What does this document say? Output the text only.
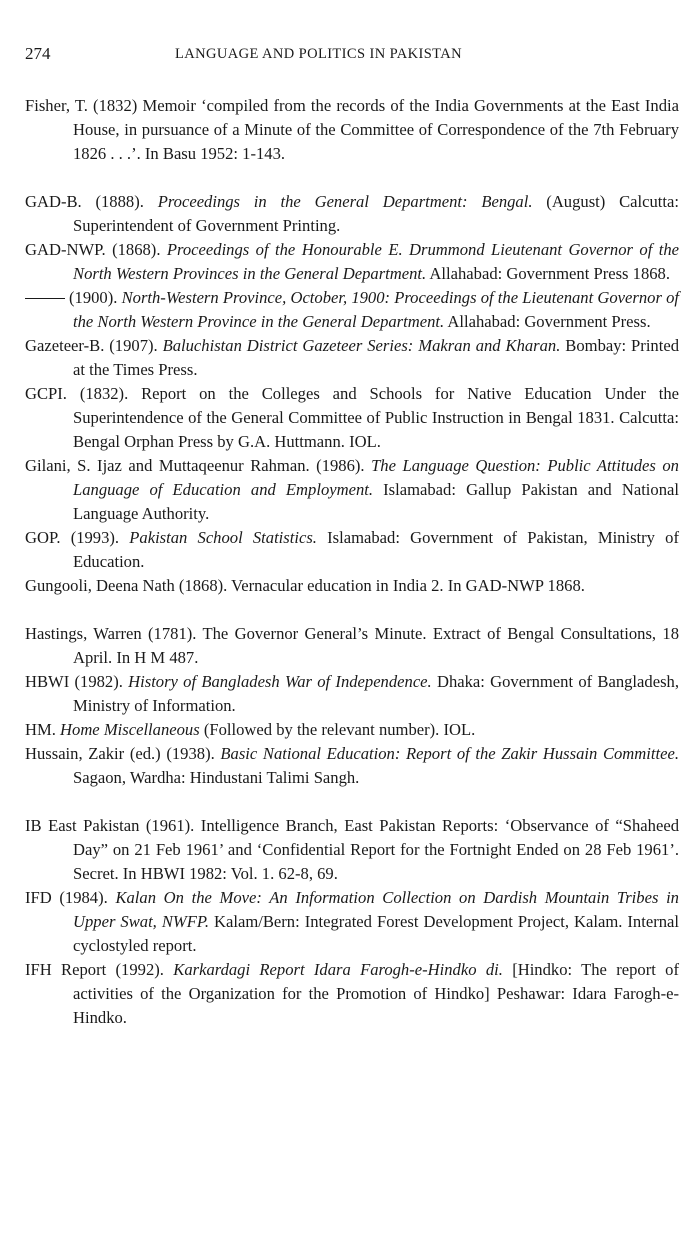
274	LANGUAGE AND POLITICS IN PAKISTAN

Fisher, T. (1832) Memoir ‘compiled from the records of the India Governments at the East India House, in pursuance of a Minute of the Committee of Correspondence of the 7th February 1826 . . .’. In Basu 1952: 1-143.

GAD-B. (1888). Proceedings in the General Department: Bengal. (August) Calcutta: Superintendent of Government Printing.

GAD-NWP. (1868). Proceedings of the Honourable E. Drummond Lieutenant Governor of the North Western Provinces in the General Department. Allahabad: Government Press 1868.

(1900). North-Western Province, October, 1900: Proceedings of the Lieutenant Governor of the North Western Province in the General Department. Allahabad: Government Press.

Gazeteer-B. (1907). Baluchistan District Gazeteer Series: Makran and Kharan. Bombay: Printed at the Times Press.

GCPI. (1832). Report on the Colleges and Schools for Native Education Under the Superintendence of the General Committee of Public Instruction in Bengal 1831. Calcutta: Bengal Orphan Press by G.A. Huttmann. IOL.

Gilani, S. Ijaz and Muttaqeenur Rahman. (1986). The Language Question: Public Attitudes on Language of Education and Employment. Islamabad: Gallup Pakistan and National Language Authority.

GOP. (1993). Pakistan School Statistics. Islamabad: Government of Pakistan, Ministry of Education.

Gungooli, Deena Nath (1868). Vernacular education in India 2. In GAD-NWP 1868.

Hastings, Warren (1781). The Governor General’s Minute. Extract of Bengal Consultations, 18 April. In H M 487.

HBWI (1982). History of Bangladesh War of Independence. Dhaka: Government of Bangladesh, Ministry of Information.

HM. Home Miscellaneous (Followed by the relevant number). IOL.

Hussain, Zakir (ed.) (1938). Basic National Education: Report of the Zakir Hussain Committee. Sagaon, Wardha: Hindustani Talimi Sangh.

IB East Pakistan (1961). Intelligence Branch, East Pakistan Reports: ‘Observance of “Shaheed Day” on 21 Feb 1961’ and ‘Confidential Report for the Fortnight Ended on 28 Feb 1961’. Secret. In HBWI 1982: Vol. 1. 62-8, 69.

IFD (1984). Kalan On the Move: An Information Collection on Dardish Mountain Tribes in Upper Swat, NWFP. Kalam/Bern: Integrated Forest Development Project, Kalam. Internal cyclostyled report.

IFH Report (1992). Karkardagi Report Idara Farogh-e-Hindko di. [Hindko: The report of activities of the Organization for the Promotion of Hindko] Peshawar: Idara Farogh-e-Hindko.
